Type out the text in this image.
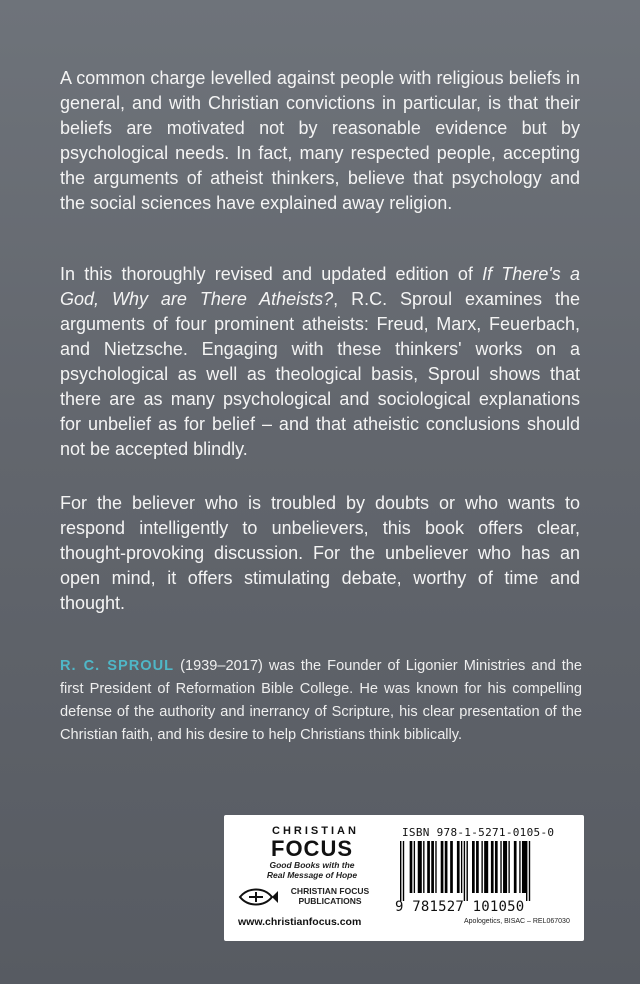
A common charge levelled against people with religious beliefs in general, and with Christian convictions in particular, is that their beliefs are motivated not by reasonable evidence but by psychological needs. In fact, many respected people, accepting the arguments of atheist thinkers, believe that psychology and the social sciences have explained away religion.

In this thoroughly revised and updated edition of If There's a God, Why are There Atheists?, R.C. Sproul examines the arguments of four prominent atheists: Freud, Marx, Feuerbach, and Nietzsche. Engaging with these thinkers' works on a psychological as well as theological basis, Sproul shows that there are as many psychological and sociological explanations for unbelief as for belief – and that atheistic conclusions should not be accepted blindly.

For the believer who is troubled by doubts or who wants to respond intelligently to unbelievers, this book offers clear, thought-provoking discussion. For the unbeliever who has an open mind, it offers stimulating debate, worthy of time and thought.

R. C. SPROUL (1939–2017) was the Founder of Ligonier Ministries and the first President of Reformation Bible College. He was known for his compelling defense of the authority and inerrancy of Scripture, his clear presentation of the Christian faith, and his desire to help Christians think biblically.

CHRISTIAN
FOCUS
Good Books with the Real Message of Hope
CHRISTIAN FOCUS PUBLICATIONS
www.christianfocus.com
ISBN 978-1-5271-0105-0
9 781527 101050
Apologetics, BISAC – REL067030
